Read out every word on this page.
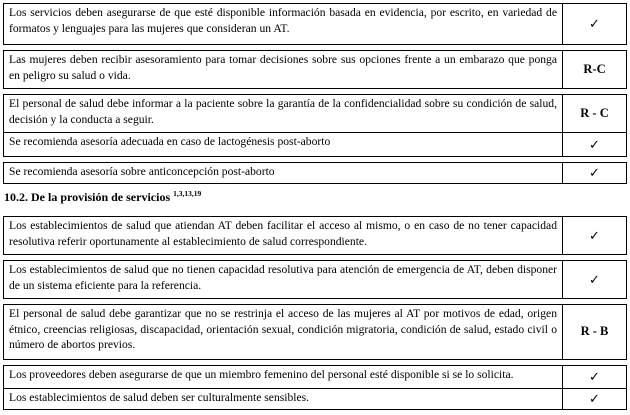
Los servicios deben asegurarse de que esté disponible información basada en evidencia, por escrito, en variedad de formatos y lenguajes para las mujeres que consideran un AT.	✓

Las mujeres deben recibir asesoramiento para tomar decisiones sobre sus opciones frente a un embarazo que ponga en peligro su salud o vida.	R-C

El personal de salud debe informar a la paciente sobre la garantía de la confidencialidad sobre su condición de salud, decisión y la conducta a seguir.	R - C
Se recomienda asesoría adecuada en caso de lactogénesis post-aborto	✓

Se recomienda asesoría sobre anticoncepción post-aborto	✓
10.2. De la provisión de servicios $^{1,3,13,19}$
Los establecimientos de salud que atiendan AT deben facilitar el acceso al mismo, o en caso de no tener capacidad resolutiva referir oportunamente al establecimiento de salud correspondiente.	✓

Los establecimientos de salud que no tienen capacidad resolutiva para atención de emergencia de AT, deben disponer de un sistema eficiente para la referencia.	✓

El personal de salud debe garantizar que no se restrinja el acceso de las mujeres al AT por motivos de edad, origen étnico, creencias religiosas, discapacidad, orientación sexual, condición migratoria, condición de salud, estado civil o número de abortos previos.	R - B

Los proveedores deben asegurarse de que un miembro femenino del personal esté disponible si se lo solicita.	✓
Los establecimientos de salud deben ser culturalmente sensibles.	✓
